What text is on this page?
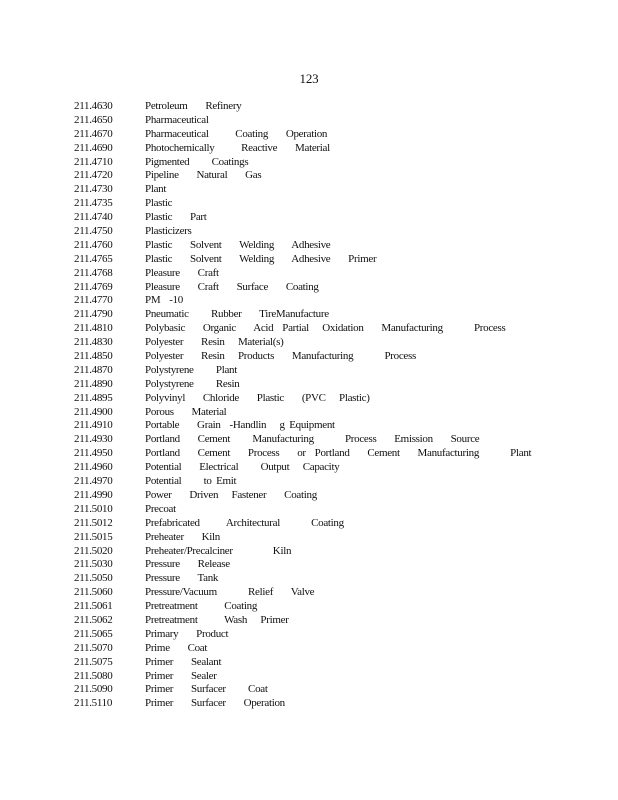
123
211.4630	Petroleum    Refinery
211.4650	Pharmaceutical
211.4670	Pharmaceutical      Coating    Operation
211.4690	Photochemically      Reactive    Material
211.4710	Pigmented     Coatings
211.4720	Pipeline    Natural    Gas
211.4730	Plant
211.4735	Plastic
211.4740	Plastic    Part
211.4750	Plasticizers
211.4760	Plastic    Solvent    Welding    Adhesive
211.4765	Plastic    Solvent    Welding    Adhesive    Primer
211.4768	Pleasure    Craft
211.4769	Pleasure    Craft    Surface    Coating
211.4770	PM  -10
211.4790	Pneumatic     Rubber    TireManufacture
211.4810	Polybasic    Organic    Acid  Partial   Oxidation    Manufacturing       Process
211.4830	Polyester    Resin   Material(s)
211.4850	Polyester    Resin   Products    Manufacturing       Process
211.4870	Polystyrene     Plant
211.4890	Polystyrene     Resin
211.4895	Polyvinyl    Chloride    Plastic    (PVC   Plastic)
211.4900	Porous    Material
211.4910	Portable    Grain  -Handlin   g Equipment
211.4930	Portland    Cement     Manufacturing       Process    Emission    Source
211.4950	Portland    Cement    Process    or  Portland    Cement    Manufacturing       Plant
211.4960	Potential    Electrical     Output   Capacity
211.4970	Potential     to Emit
211.4990	Power    Driven   Fastener    Coating
211.5010	Precoat
211.5012	Prefabricated      Architectural       Coating
211.5015	Preheater    Kiln
211.5020	Preheater/Precalciner         Kiln
211.5030	Pressure    Release
211.5050	Pressure    Tank
211.5060	Pressure/Vacuum       Relief    Valve
211.5061	Pretreatment      Coating
211.5062	Pretreatment      Wash   Primer
211.5065	Primary    Product
211.5070	Prime    Coat
211.5075	Primer    Sealant
211.5080	Primer    Sealer
211.5090	Primer    Surfacer     Coat
211.5110	Primer    Surfacer    Operation
